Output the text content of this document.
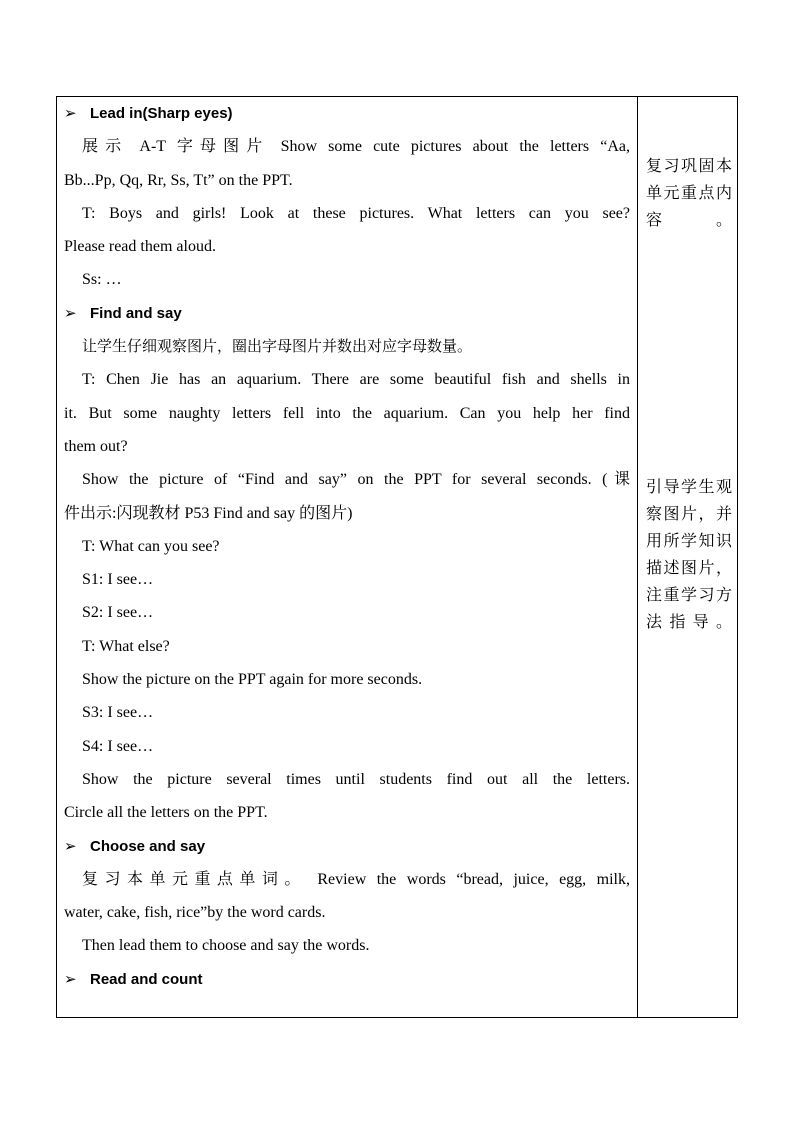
➢ Lead in(Sharp eyes)
展示 A-T 字母图片 Show some cute pictures about the letters “Aa,
Bb...Pp, Qq, Rr, Ss, Tt” on the PPT.
T: Boys and girls! Look at these pictures. What letters can you see?
Please read them aloud.
Ss: …
➢ Find and say
让学生仔细观察图片，圈出字母图片并数出对应字母数量。
T: Chen Jie has an aquarium. There are some beautiful fish and shells in
it. But some naughty letters fell into the aquarium. Can you help her find
them out?
Show the picture of “Find and say” on the PPT for several seconds. (课
件出示:闪现教材 P53 Find and say 的图片)
T: What can you see?
S1: I see…
S2: I see…
T: What else?
Show the picture on the PPT again for more seconds.
S3: I see…
S4: I see…
Show the picture several times until students find out all the letters.
Circle all the letters on the PPT.
➢ Choose and say
复习本单元重点单词。 Review the words “bread, juice, egg, milk,
water, cake, fish, rice”by the word cards.
Then lead them to choose and say the words.
➢ Read and count
复习巩固本单元重点内容。
引导学生观察图片，并用所学知识描述图片，注重学习方法指导。
